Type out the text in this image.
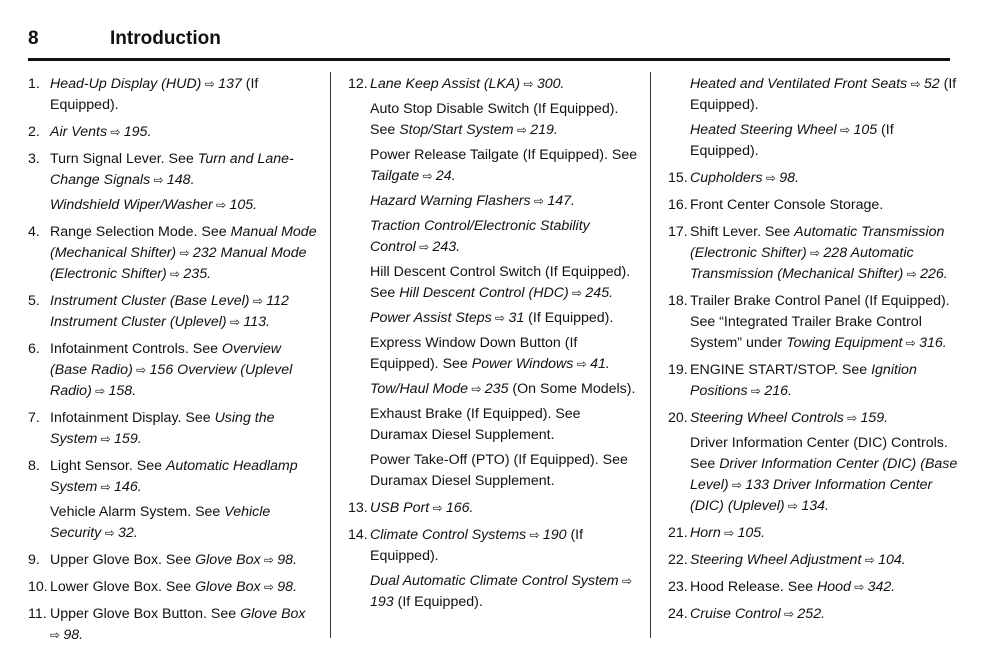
8	Introduction
1. Head-Up Display (HUD) ⇨ 137 (If Equipped).
2. Air Vents ⇨ 195.
3. Turn Signal Lever. See Turn and Lane-Change Signals ⇨ 148.
Windshield Wiper/Washer ⇨ 105.
4. Range Selection Mode. See Manual Mode (Mechanical Shifter) ⇨ 232 Manual Mode (Electronic Shifter) ⇨ 235.
5. Instrument Cluster (Base Level) ⇨ 112 Instrument Cluster (Uplevel) ⇨ 113.
6. Infotainment Controls. See Overview (Base Radio) ⇨ 156 Overview (Uplevel Radio) ⇨ 158.
7. Infotainment Display. See Using the System ⇨ 159.
8. Light Sensor. See Automatic Headlamp System ⇨ 146.
Vehicle Alarm System. See Vehicle Security ⇨ 32.
9. Upper Glove Box. See Glove Box ⇨ 98.
10. Lower Glove Box. See Glove Box ⇨ 98.
11. Upper Glove Box Button. See Glove Box ⇨ 98.
12. Lane Keep Assist (LKA) ⇨ 300.
Auto Stop Disable Switch (If Equipped). See Stop/Start System ⇨ 219.
Power Release Tailgate (If Equipped). See Tailgate ⇨ 24.
Hazard Warning Flashers ⇨ 147.
Traction Control/Electronic Stability Control ⇨ 243.
Hill Descent Control Switch (If Equipped). See Hill Descent Control (HDC) ⇨ 245.
Power Assist Steps ⇨ 31 (If Equipped).
Express Window Down Button (If Equipped). See Power Windows ⇨ 41.
Tow/Haul Mode ⇨ 235 (On Some Models).
Exhaust Brake (If Equipped). See Duramax Diesel Supplement.
Power Take-Off (PTO) (If Equipped). See Duramax Diesel Supplement.
13. USB Port ⇨ 166.
14. Climate Control Systems ⇨ 190 (If Equipped).
Dual Automatic Climate Control System ⇨ 193 (If Equipped).
Heated and Ventilated Front Seats ⇨ 52 (If Equipped).
Heated Steering Wheel ⇨ 105 (If Equipped).
15. Cupholders ⇨ 98.
16. Front Center Console Storage.
17. Shift Lever. See Automatic Transmission (Electronic Shifter) ⇨ 228 Automatic Transmission (Mechanical Shifter) ⇨ 226.
18. Trailer Brake Control Panel (If Equipped). See “Integrated Trailer Brake Control System” under Towing Equipment ⇨ 316.
19. ENGINE START/STOP. See Ignition Positions ⇨ 216.
20. Steering Wheel Controls ⇨ 159.
Driver Information Center (DIC) Controls. See Driver Information Center (DIC) (Base Level) ⇨ 133 Driver Information Center (DIC) (Uplevel) ⇨ 134.
21. Horn ⇨ 105.
22. Steering Wheel Adjustment ⇨ 104.
23. Hood Release. See Hood ⇨ 342.
24. Cruise Control ⇨ 252.
